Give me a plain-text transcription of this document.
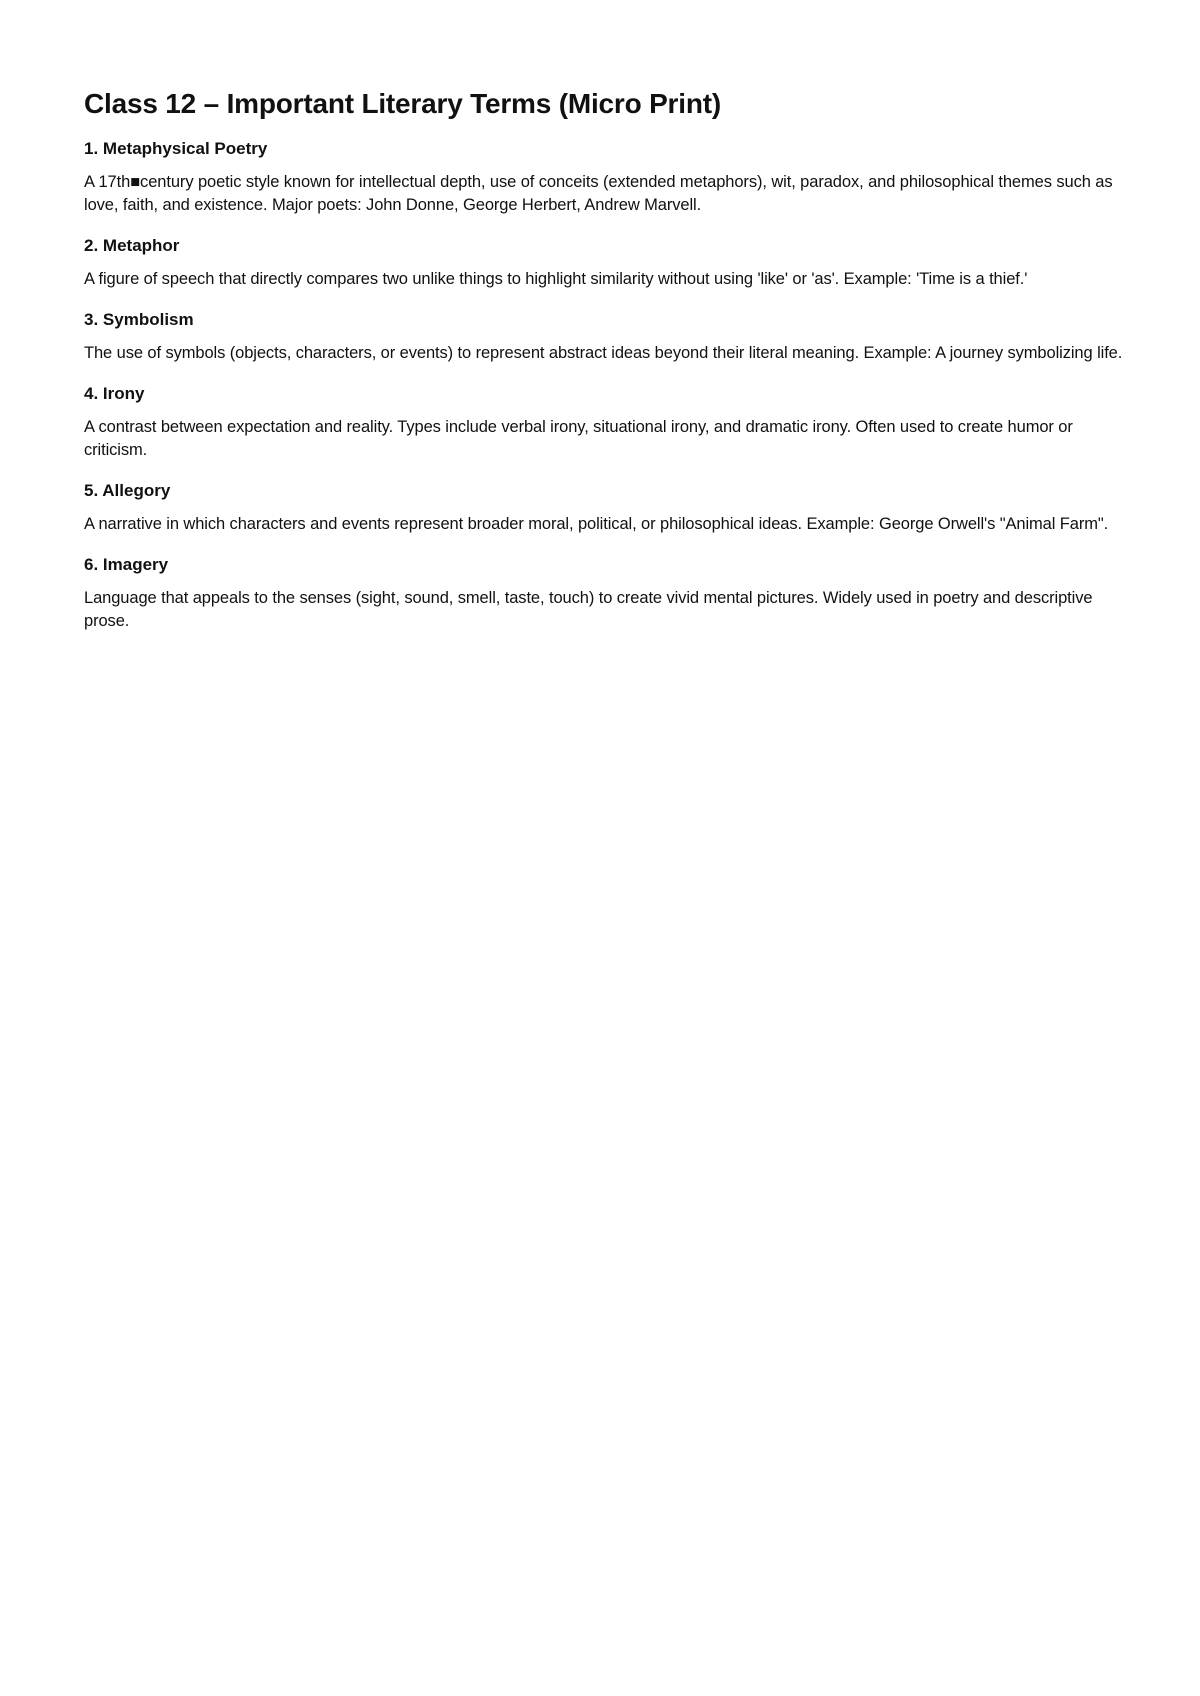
Class 12 – Important Literary Terms (Micro Print)
1. Metaphysical Poetry
A 17th■century poetic style known for intellectual depth, use of conceits (extended metaphors), wit, paradox, and philosophical themes such as love, faith, and existence. Major poets: John Donne, George Herbert, Andrew Marvell.
2. Metaphor
A figure of speech that directly compares two unlike things to highlight similarity without using 'like' or 'as'. Example: 'Time is a thief.'
3. Symbolism
The use of symbols (objects, characters, or events) to represent abstract ideas beyond their literal meaning. Example: A journey symbolizing life.
4. Irony
A contrast between expectation and reality. Types include verbal irony, situational irony, and dramatic irony. Often used to create humor or criticism.
5. Allegory
A narrative in which characters and events represent broader moral, political, or philosophical ideas. Example: George Orwell's "Animal Farm".
6. Imagery
Language that appeals to the senses (sight, sound, smell, taste, touch) to create vivid mental pictures. Widely used in poetry and descriptive prose.
